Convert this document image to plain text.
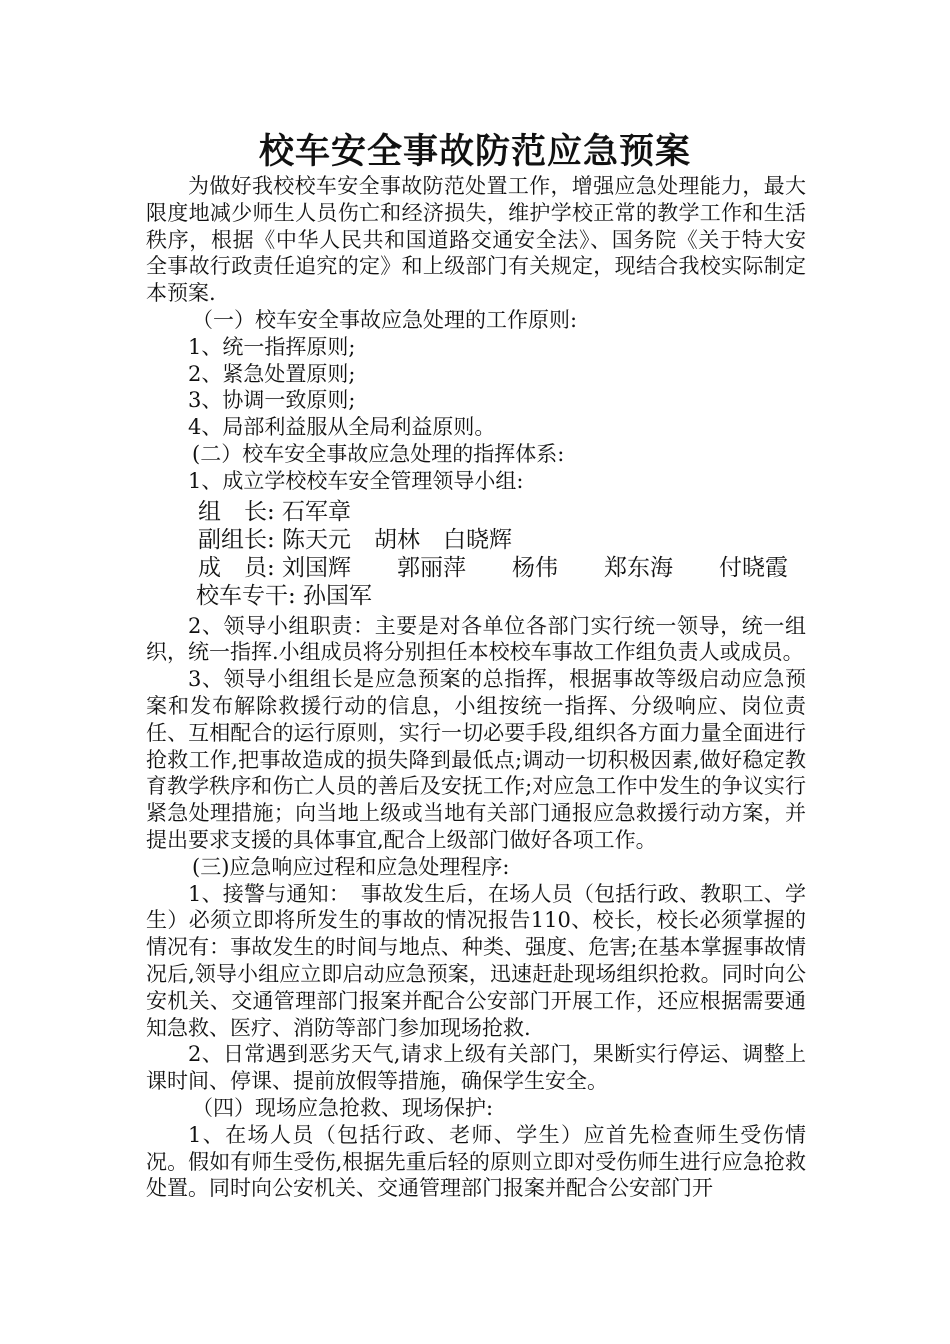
校车安全事故防范应急预案

为做好我校校车安全事故防范处置工作，增强应急处理能力，最大限度地减少师生人员伤亡和经济损失，维护学校正常的教学工作和生活秩序，根据《中华人民共和国道路交通安全法》、国务院《关于特大安全事故行政责任追究的定》和上级部门有关规定，现结合我校实际制定本预案.

（一）校车安全事故应急处理的工作原则:

1、统一指挥原则;

2、紧急处置原则;

3、协调一致原则;

4、局部利益服从全局利益原则。

(二）校车安全事故应急处理的指挥体系:

1、成立学校校车安全管理领导小组:

组　长: 石军章

副组长: 陈天元　胡林　白晓辉

成　员: 刘国辉　　郭丽萍　　杨伟　　郑东海　　付晓霞

校车专干: 孙国军

2、领导小组职责：主要是对各单位各部门实行统一领导，统一组织，统一指挥.小组成员将分别担任本校校车事故工作组负责人或成员。

3、领导小组组长是应急预案的总指挥，根据事故等级启动应急预案和发布解除救援行动的信息，小组按统一指挥、分级响应、岗位责任、互相配合的运行原则，实行一切必要手段,组织各方面力量全面进行抢救工作,把事故造成的损失降到最低点;调动一切积极因素,做好稳定教育教学秩序和伤亡人员的善后及安抚工作;对应急工作中发生的争议实行紧急处理措施；向当地上级或当地有关部门通报应急救援行动方案，并提出要求支援的具体事宜,配合上级部门做好各项工作。

(三)应急响应过程和应急处理程序:

1、接警与通知：　事故发生后，在场人员（包括行政、教职工、学生）必须立即将所发生的事故的情况报告110、校长，校长必须掌握的情况有：事故发生的时间与地点、种类、强度、危害;在基本掌握事故情况后,领导小组应立即启动应急预案，迅速赶赴现场组织抢救。同时向公安机关、交通管理部门报案并配合公安部门开展工作，还应根据需要通知急救、医疗、消防等部门参加现场抢救.

2、日常遇到恶劣天气,请求上级有关部门，果断实行停运、调整上课时间、停课、提前放假等措施，确保学生安全。

（四）现场应急抢救、现场保护:

1、在场人员（包括行政、老师、学生）应首先检查师生受伤情况。假如有师生受伤,根据先重后轻的原则立即对受伤师生进行应急抢救处置。同时向公安机关、交通管理部门报案并配合公安部门开
